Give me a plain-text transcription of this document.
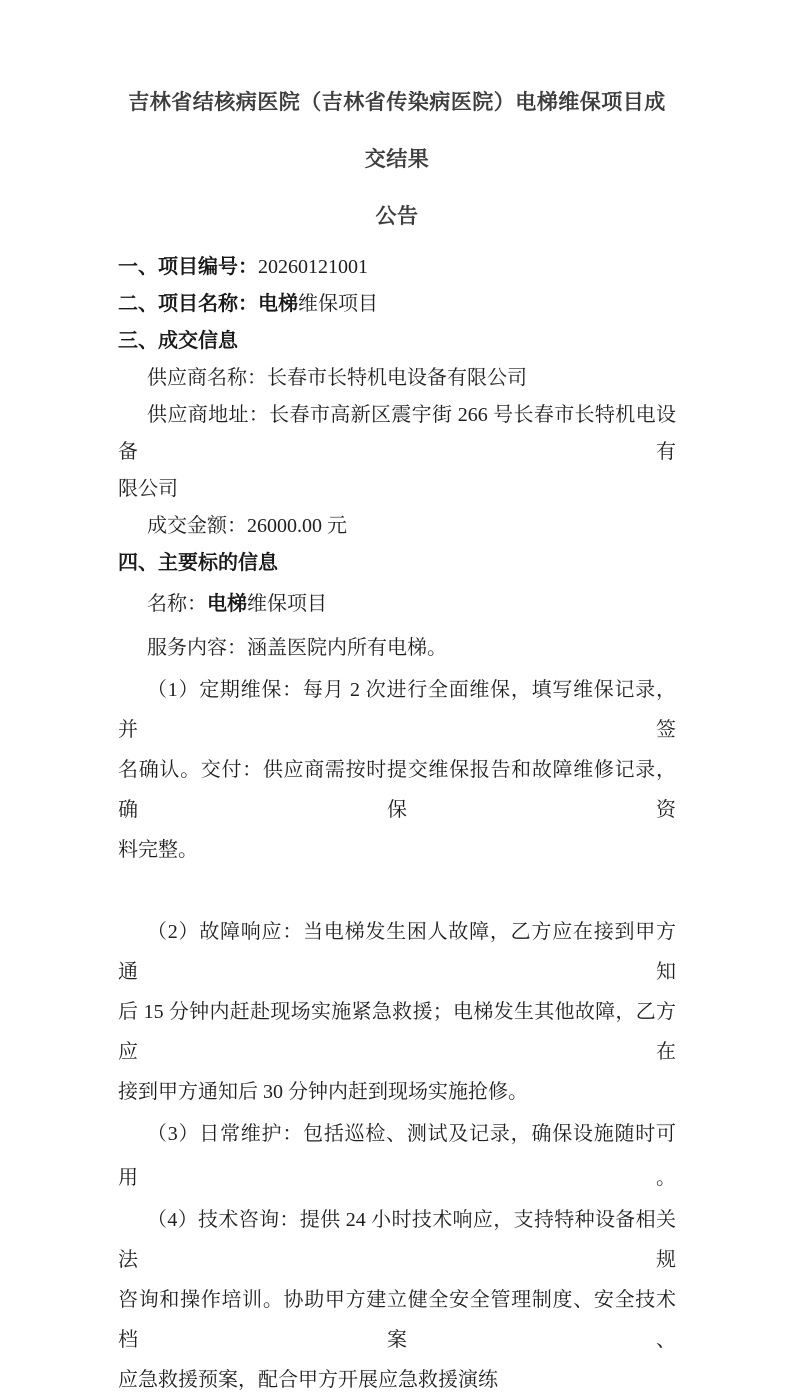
吉林省结核病医院（吉林省传染病医院）电梯维保项目成交结果
公告
一、项目编号：20260121001
二、项目名称：电梯维保项目
三、成交信息
供应商名称：长春市长特机电设备有限公司
供应商地址：长春市高新区震宇街 266 号长春市长特机电设备有
限公司
成交金额：26000.00 元
四、主要标的信息
名称：电梯维保项目
服务内容：涵盖医院内所有电梯。
（1）定期维保：每月 2 次进行全面维保，填写维保记录，并签
名确认。交付：供应商需按时提交维保报告和故障维修记录，确保资
料完整。
（2）故障响应：当电梯发生困人故障，乙方应在接到甲方通知
后 15 分钟内赶赴现场实施紧急救援；电梯发生其他故障，乙方应在
接到甲方通知后 30 分钟内赶到现场实施抢修。
（3）日常维护：包括巡检、测试及记录，确保设施随时可用。
（4）技术咨询：提供 24 小时技术响应，支持特种设备相关法规
咨询和操作培训。协助甲方建立健全安全管理制度、安全技术档案、
应急救援预案，配合甲方开展应急救援演练
